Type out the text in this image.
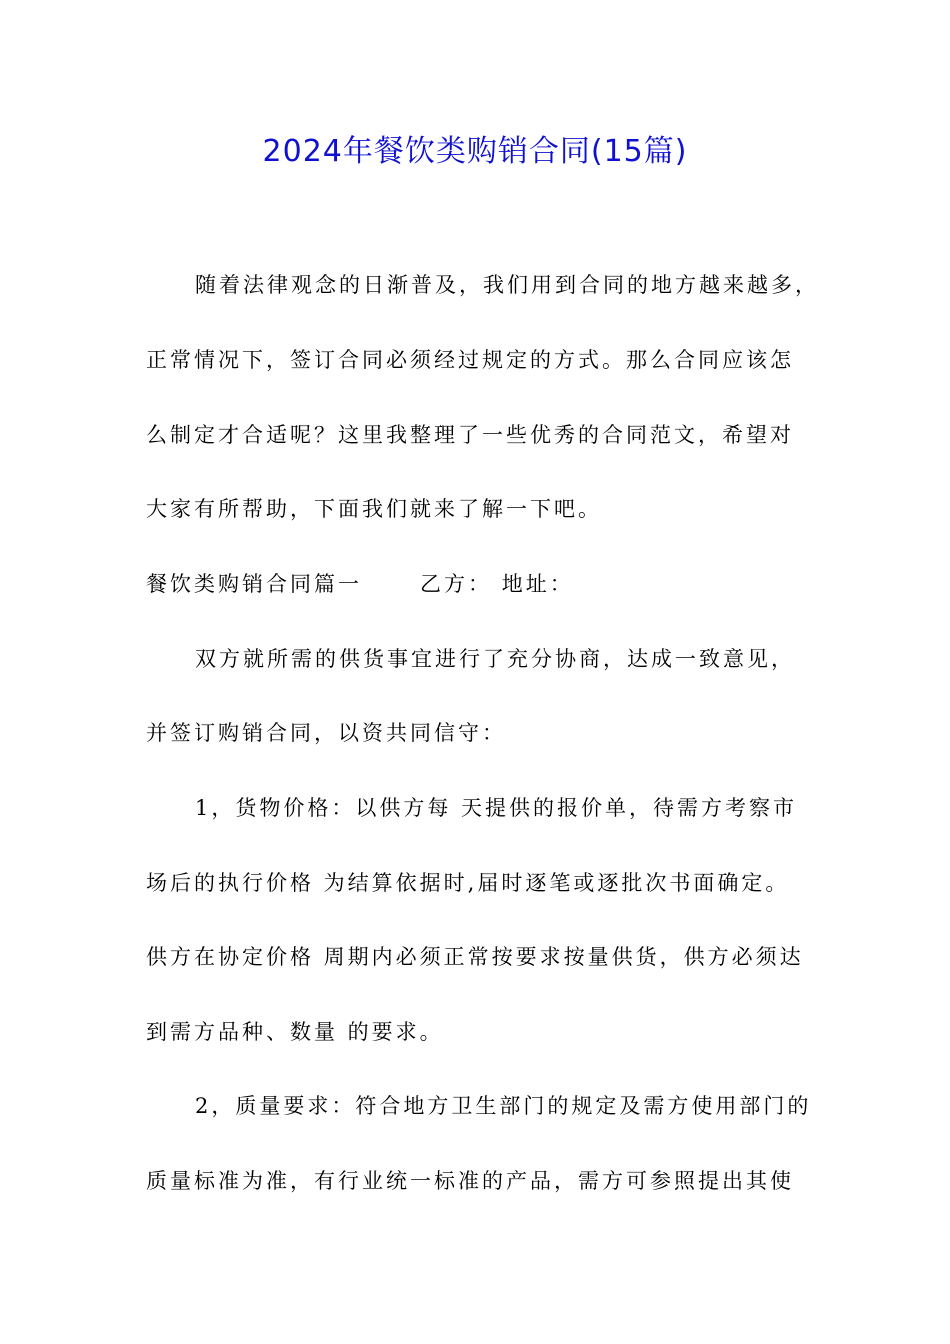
2024年餐饮类购销合同(15篇)
随着法律观念的日渐普及，我们用到合同的地方越来越多，
正常情况下，签订合同必须经过规定的方式。那么合同应该怎
么制定才合适呢？这里我整理了一些优秀的合同范文，希望对
大家有所帮助，下面我们就来了解一下吧。
餐饮类购销合同篇一      乙方： 地址：
双方就所需的供货事宜进行了充分协商，达成一致意见，
并签订购销合同，以资共同信守：
1，货物价格：以供方每 天提供的报价单，待需方考察市
场后的执行价格 为结算依据时,届时逐笔或逐批次书面确定。
供方在协定价格 周期内必须正常按要求按量供货，供方必须达
到需方品种、数量 的要求。
2，质量要求：符合地方卫生部门的规定及需方使用部门的
质量标准为准，有行业统一标准的产品，需方可参照提出其使
